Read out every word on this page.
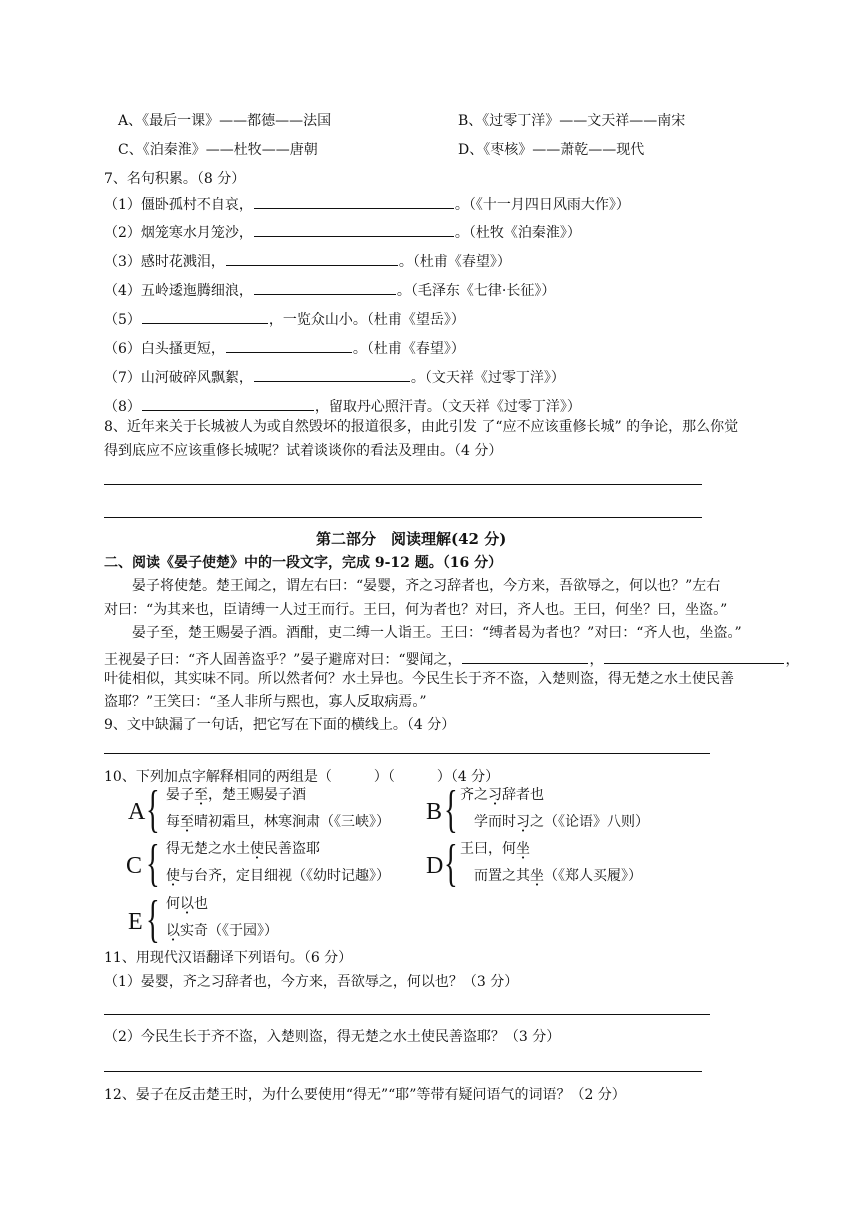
A、《最后一课》——都德——法国	B、《过零丁洋》——文天祥——南宋
C、《泊秦淮》——杜牧——唐朝	D、《枣核》——萧乾——现代
7、名句积累。（8 分）
（1）僵卧孤村不自哀，	。（《十一月四日风雨大作》）
（2）烟笼寒水月笼沙，	。（杜牧《泊秦淮》）
（3）感时花溅泪，	。（杜甫《春望》）
（4）五岭逶迤腾细浪，	。（毛泽东《七律·长征》）
（5）	，一览众山小。（杜甫《望岳》）
（6）白头搔更短，	。（杜甫《春望》）
（7）山河破碎风飘絮，	。（文天祥《过零丁洋》）
（8）	，留取丹心照汗青。（文天祥《过零丁洋》）
8、近年来关于长城被人为或自然毁坏的报道很多，由此引发 了“应不应该重修长城” 的争论，那么你觉
得到底应不应该重修长城呢？试着谈谈你的看法及理由。（4 分）
第二部分　阅读理解(42 分)
二、阅读《晏子使楚》中的一段文字，完成 9-12 题。（16 分）
晏子将使楚。楚王闻之，谓左右曰：“晏婴，齐之习辞者也，今方来，吾欲辱之，何以也？”左右
对曰：“为其来也，臣请缚一人过王而行。王曰，何为者也？对曰，齐人也。王曰，何坐？曰，坐盗。”
晏子至，楚王赐晏子酒。酒酣，吏二缚一人诣王。王曰：“缚者曷为者也？”对曰：“齐人也，坐盗。”
王视晏子曰：“齐人固善盗乎？”晏子避席对曰：“婴闻之，	，	，
叶徒相似，其实味不同。所以然者何？水土异也。今民生长于齐不盗，入楚则盗，得无楚之水土使民善
盗耶？”王笑曰：“圣人非所与熙也，寡人反取病焉。”
9、文中缺漏了一句话，把它写在下面的横线上。（4 分）
10、下列加点字解释相同的两组是（　　　）（　　　）（4 分）
A { 晏子至，楚王赐晏子酒
每至晴初霜旦，林寒涧肃（《三峡》） B { 齐之习辞者也
学而时习之（《论语》八则）
C { 得无楚之水土使民善盗耶
使与台齐，定目细视（《幼时记趣》） D { 王曰，何坐
而置之其坐（《郑人买履》）
E { 何以也
以实奇（《于园》）
11、用现代汉语翻译下列语句。（6 分）
（1）晏婴，齐之习辞者也，今方来，吾欲辱之，何以也？（3 分）
（2）今民生长于齐不盗，入楚则盗，得无楚之水土使民善盗耶？（3 分）
12、晏子在反击楚王时，为什么要使用“得无”“耶”等带有疑问语气的词语？（2 分）
